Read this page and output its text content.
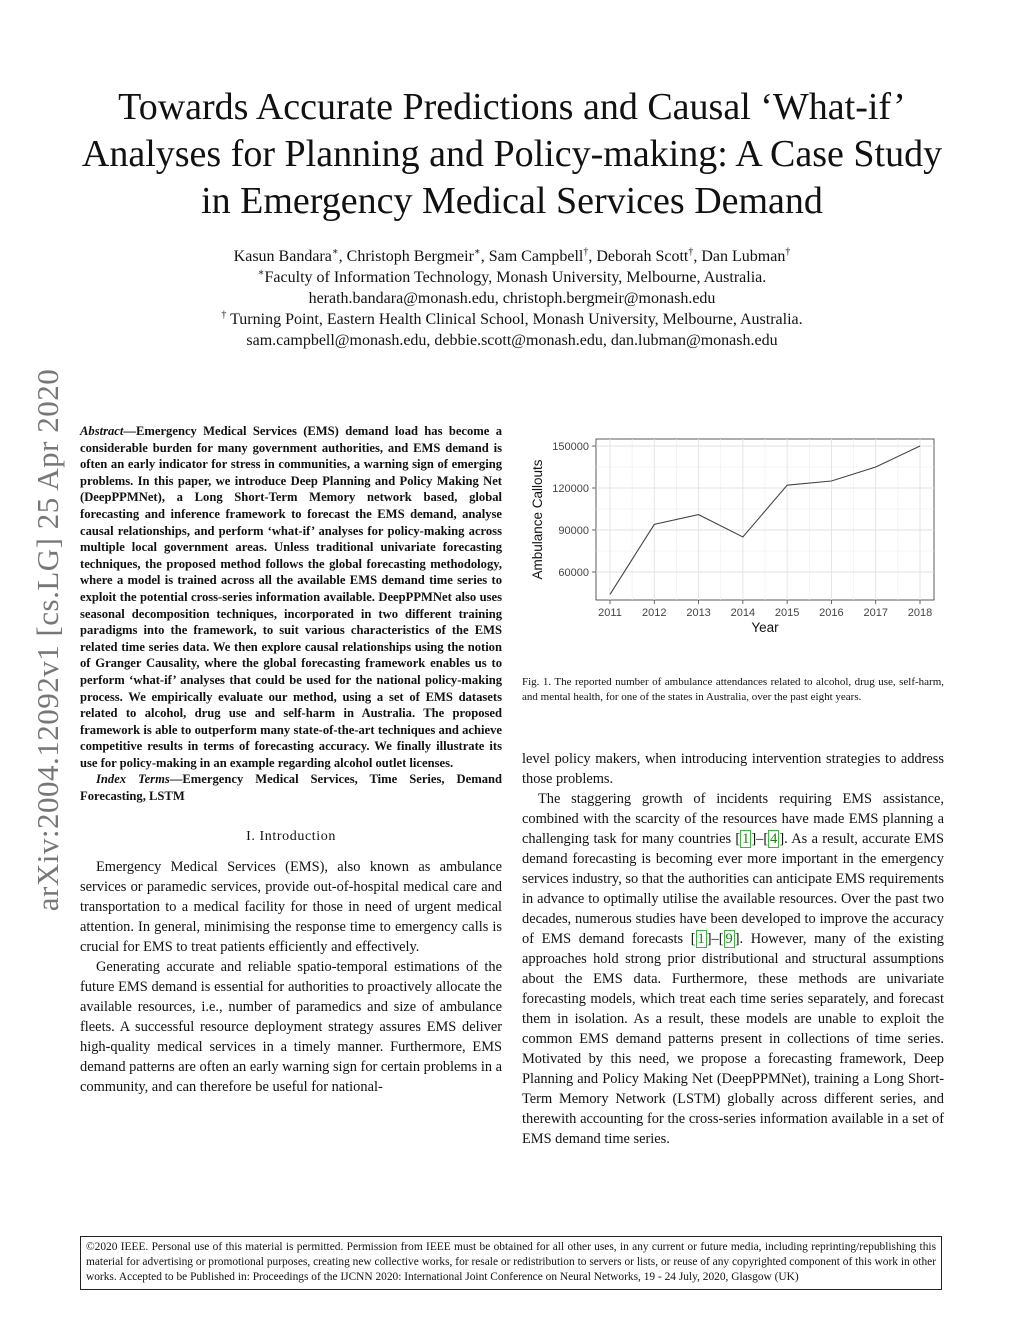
arXiv:2004.12092v1 [cs.LG] 25 Apr 2020
Towards Accurate Predictions and Causal ‘What-if’ Analyses for Planning and Policy-making: A Case Study in Emergency Medical Services Demand
Kasun Bandara∗, Christoph Bergmeir∗, Sam Campbell†, Deborah Scott†, Dan Lubman†
∗Faculty of Information Technology, Monash University, Melbourne, Australia.
herath.bandara@monash.edu, christoph.bergmeir@monash.edu
† Turning Point, Eastern Health Clinical School, Monash University, Melbourne, Australia.
sam.campbell@monash.edu, debbie.scott@monash.edu, dan.lubman@monash.edu

Abstract—Emergency Medical Services (EMS) demand load has become a considerable burden for many government authorities, and EMS demand is often an early indicator for stress in communities, a warning sign of emerging problems. In this paper, we introduce Deep Planning and Policy Making Net (DeepPPMNet), a Long Short-Term Memory network based, global forecasting and inference framework to forecast the EMS demand, analyse causal relationships, and perform ‘what-if’ analyses for policy-making across multiple local government areas. Unless traditional univariate forecasting techniques, the proposed method follows the global forecasting methodology, where a model is trained across all the available EMS demand time series to exploit the potential cross-series information available. DeepPPMNet also uses seasonal decomposition techniques, incorporated in two different training paradigms into the framework, to suit various characteristics of the EMS related time series data. We then explore causal relationships using the notion of Granger Causality, where the global forecasting framework enables us to perform ‘what-if’ analyses that could be used for the national policy-making process. We empirically evaluate our method, using a set of EMS datasets related to alcohol, drug use and self-harm in Australia. The proposed framework is able to outperform many state-of-the-art techniques and achieve competitive results in terms of forecasting accuracy. We finally illustrate its use for policy-making in an example regarding alcohol outlet licenses.

Index Terms—Emergency Medical Services, Time Series, Demand Forecasting, LSTM

I. Introduction

Emergency Medical Services (EMS), also known as ambulance services or paramedic services, provide out-of-hospital medical care and transportation to a medical facility for those in need of urgent medical attention. In general, minimising the response time to emergency calls is crucial for EMS to treat patients efficiently and effectively.

Generating accurate and reliable spatio-temporal estimations of the future EMS demand is essential for authorities to proactively allocate the available resources, i.e., number of paramedics and size of ambulance fleets. A successful resource deployment strategy assures EMS deliver high-quality medical services in a timely manner. Furthermore, EMS demand patterns are often an early warning sign for certain problems in a community, and can therefore be useful for national-

2011 2012 2013 2014 2015 2016 2017 2018
60000
90000
120000
150000
Year
Ambulance Callouts

Fig. 1. The reported number of ambulance attendances related to alcohol, drug use, self-harm, and mental health, for one of the states in Australia, over the past eight years.

level policy makers, when introducing intervention strategies to address those problems.

The staggering growth of incidents requiring EMS assistance, combined with the scarcity of the resources have made EMS planning a challenging task for many countries [ 1 ]–[ 4 ]. As a result, accurate EMS demand forecasting is becoming ever more important in the emergency services industry, so that the authorities can anticipate EMS requirements in advance to optimally utilise the available resources. Over the past two decades, numerous studies have been developed to improve the accuracy of EMS demand forecasts [ 1 ]–[ 9 ]. However, many of the existing approaches hold strong prior distributional and structural assumptions about the EMS data. Furthermore, these methods are univariate forecasting models, which treat each time series separately, and forecast them in isolation. As a result, these models are unable to exploit the common EMS demand patterns present in collections of time series. Motivated by this need, we propose a forecasting framework, Deep Planning and Policy Making Net (DeepPPMNet), training a Long Short-Term Memory Network (LSTM) globally across different series, and therewith accounting for the cross-series information available in a set of EMS demand time series.

©2020 IEEE. Personal use of this material is permitted. Permission from IEEE must be obtained for all other uses, in any current or future media, including reprinting/republishing this material for advertising or promotional purposes, creating new collective works, for resale or redistribution to servers or lists, or reuse of any copyrighted component of this work in other works. Accepted to be Published in: Proceedings of the IJCNN 2020: International Joint Conference on Neural Networks, 19 - 24 July, 2020, Glasgow (UK)
